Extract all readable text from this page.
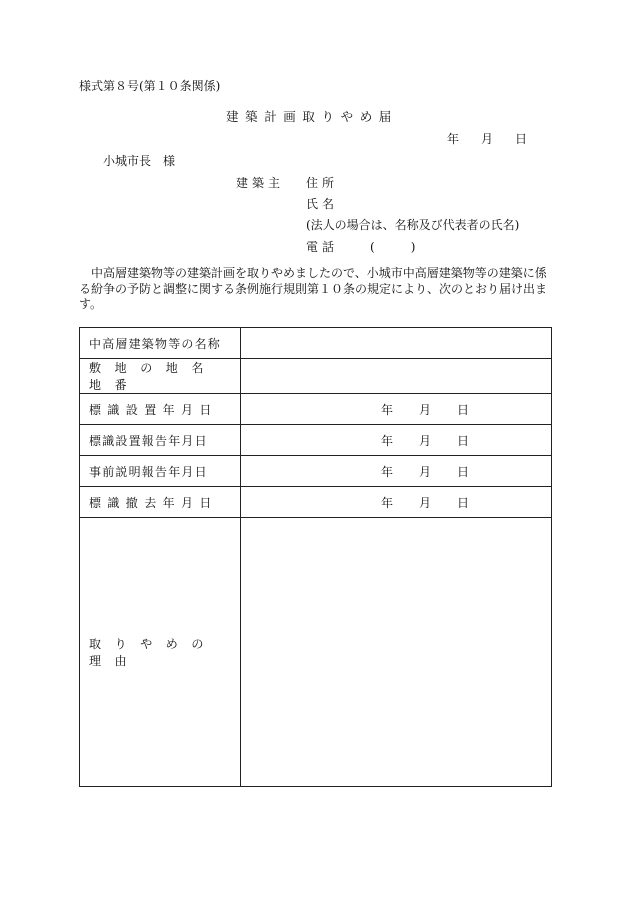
様式第８号(第１０条関係)
建築計画取りやめ届
年 月 日
小城市長　様
建築主 住所
氏名
(法人の場合は、名称及び代表者の氏名)
電話	(　　　)
中高層建築物等の建築計画を取りやめましたので、小城市中高層建築物等の建築に係る紛争の予防と調整に関する条例施行規則第１０条の規定により、次のとおり届け出ます。
中高層建築物等の名称	
敷地の地名地番	
標識設置年月日	年 月 日

標識設置報告年月日	年 月 日

事前説明報告年月日	年 月 日

標識撤去年月日	年 月 日

取りやめの理由	
